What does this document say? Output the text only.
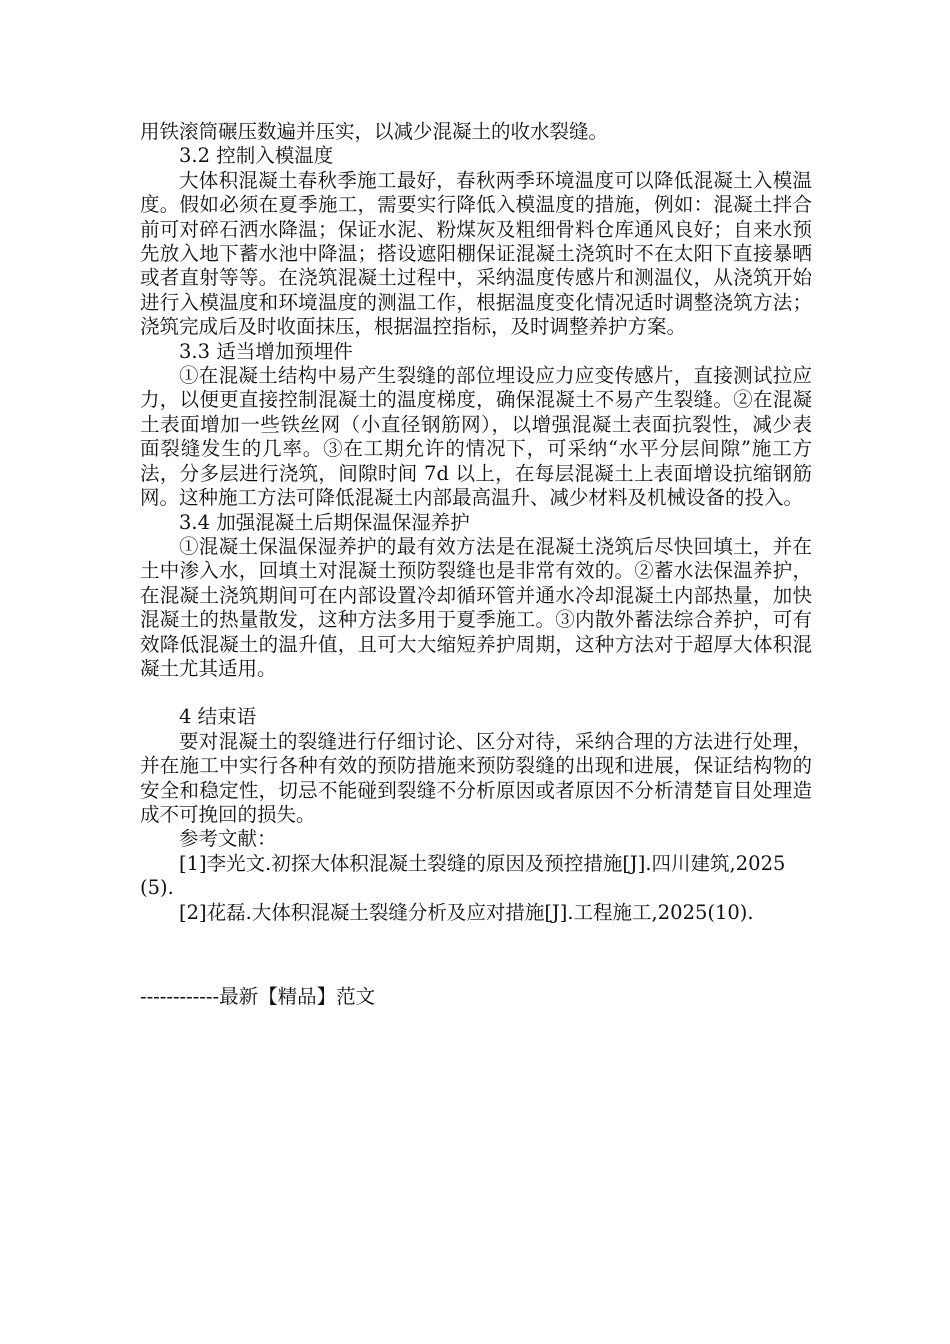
用铁滚筒碾压数遍并压实，以减少混凝土的收水裂缝。

3.2 控制入模温度

大体积混凝土春秋季施工最好，春秋两季环境温度可以降低混凝土入模温度。假如必须在夏季施工，需要实行降低入模温度的措施，例如：混凝土拌合前可对碎石洒水降温；保证水泥、粉煤灰及粗细骨料仓库通风良好；自来水预先放入地下蓄水池中降温；搭设遮阳棚保证混凝土浇筑时不在太阳下直接暴晒或者直射等等。在浇筑混凝土过程中，采纳温度传感片和测温仪，从浇筑开始进行入模温度和环境温度的测温工作，根据温度变化情况适时调整浇筑方法；浇筑完成后及时收面抹压，根据温控指标，及时调整养护方案。

3.3 适当增加预埋件

①在混凝土结构中易产生裂缝的部位埋设应力应变传感片，直接测试拉应力，以便更直接控制混凝土的温度梯度，确保混凝土不易产生裂缝。②在混凝土表面增加一些铁丝网（小直径钢筋网），以增强混凝土表面抗裂性，减少表面裂缝发生的几率。③在工期允许的情况下，可采纳“水平分层间隙”施工方法，分多层进行浇筑，间隙时间 7d 以上，在每层混凝土上表面增设抗缩钢筋网。这种施工方法可降低混凝土内部最高温升、减少材料及机械设备的投入。

3.4 加强混凝土后期保温保湿养护

①混凝土保温保湿养护的最有效方法是在混凝土浇筑后尽快回填土，并在土中渗入水，回填土对混凝土预防裂缝也是非常有效的。②蓄水法保温养护，在混凝土浇筑期间可在内部设置冷却循环管并通水冷却混凝土内部热量，加快混凝土的热量散发，这种方法多用于夏季施工。③内散外蓄法综合养护，可有效降低混凝土的温升值，且可大大缩短养护周期，这种方法对于超厚大体积混凝土尤其适用。

4 结束语

要对混凝土的裂缝进行仔细讨论、区分对待，采纳合理的方法进行处理，并在施工中实行各种有效的预防措施来预防裂缝的出现和进展，保证结构物的安全和稳定性，切忌不能碰到裂缝不分析原因或者原因不分析清楚盲目处理造成不可挽回的损失。

参考文献：

[1]李光文.初探大体积混凝土裂缝的原因及预控措施[J].四川建筑,2025(5).

[2]花磊.大体积混凝土裂缝分析及应对措施[J].工程施工,2025(10).

------------最新【精品】范文
